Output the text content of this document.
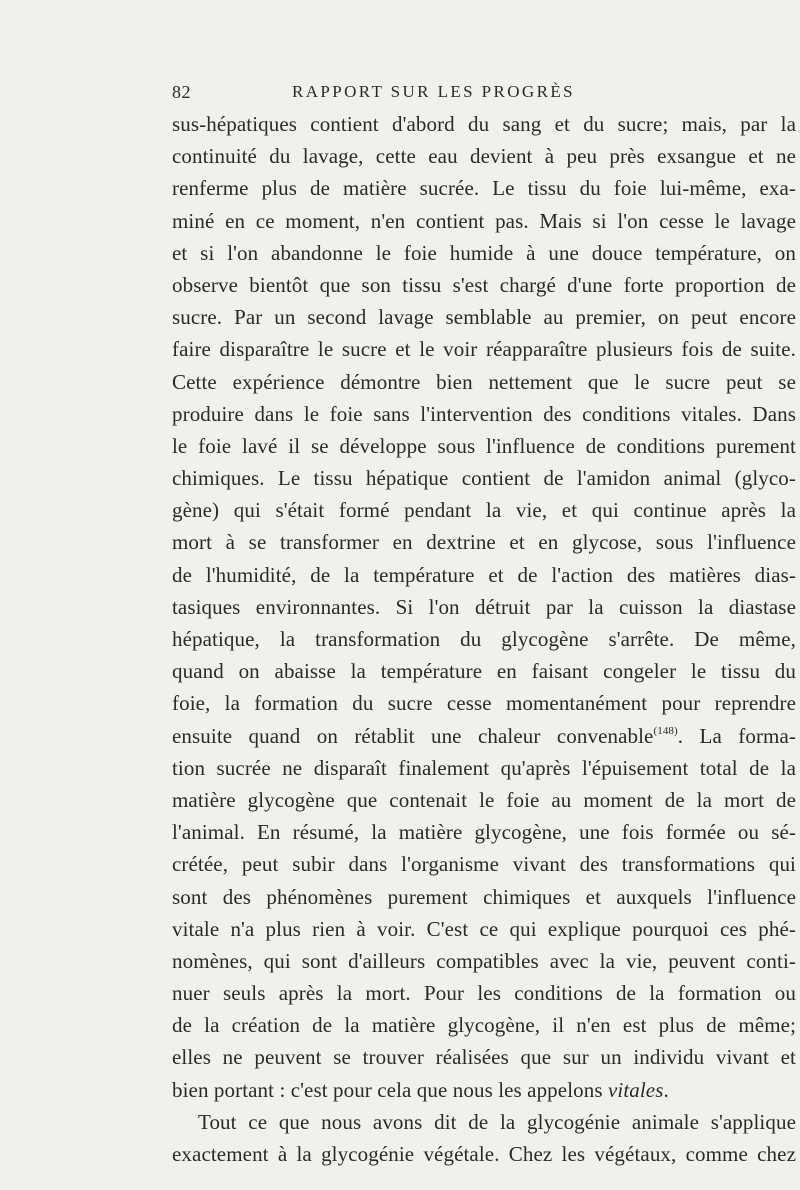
82	RAPPORT SUR LES PROGRÈS
sus-hépatiques contient d'abord du sang et du sucre; mais, par la
continuité du lavage, cette eau devient à peu près exsangue et ne
renferme plus de matière sucrée. Le tissu du foie lui-même, exa-
miné en ce moment, n'en contient pas. Mais si l'on cesse le lavage
et si l'on abandonne le foie humide à une douce température, on
observe bientôt que son tissu s'est chargé d'une forte proportion de
sucre. Par un second lavage semblable au premier, on peut encore
faire disparaître le sucre et le voir réapparaître plusieurs fois de suite.
Cette expérience démontre bien nettement que le sucre peut se
produire dans le foie sans l'intervention des conditions vitales. Dans
le foie lavé il se développe sous l'influence de conditions purement
chimiques. Le tissu hépatique contient de l'amidon animal (glyco-
gène) qui s'était formé pendant la vie, et qui continue après la
mort à se transformer en dextrine et en glycose, sous l'influence
de l'humidité, de la température et de l'action des matières dias-
tasiques environnantes. Si l'on détruit par la cuisson la diastase
hépatique, la transformation du glycogène s'arrête. De même,
quand on abaisse la température en faisant congeler le tissu du
foie, la formation du sucre cesse momentanément pour reprendre
ensuite quand on rétablit une chaleur convenable$^{(148)}$. La forma-
tion sucrée ne disparaît finalement qu'après l'épuisement total de la
matière glycogène que contenait le foie au moment de la mort de
l'animal. En résumé, la matière glycogène, une fois formée ou sé-
crétée, peut subir dans l'organisme vivant des transformations qui
sont des phénomènes purement chimiques et auxquels l'influence
vitale n'a plus rien à voir. C'est ce qui explique pourquoi ces phé-
nomènes, qui sont d'ailleurs compatibles avec la vie, peuvent conti-
nuer seuls après la mort. Pour les conditions de la formation ou
de la création de la matière glycogène, il n'en est plus de même;
elles ne peuvent se trouver réalisées que sur un individu vivant et
bien portant : c'est pour cela que nous les appelons vitales.
Tout ce que nous avons dit de la glycogénie animale s'applique
exactement à la glycogénie végétale. Chez les végétaux, comme chez
